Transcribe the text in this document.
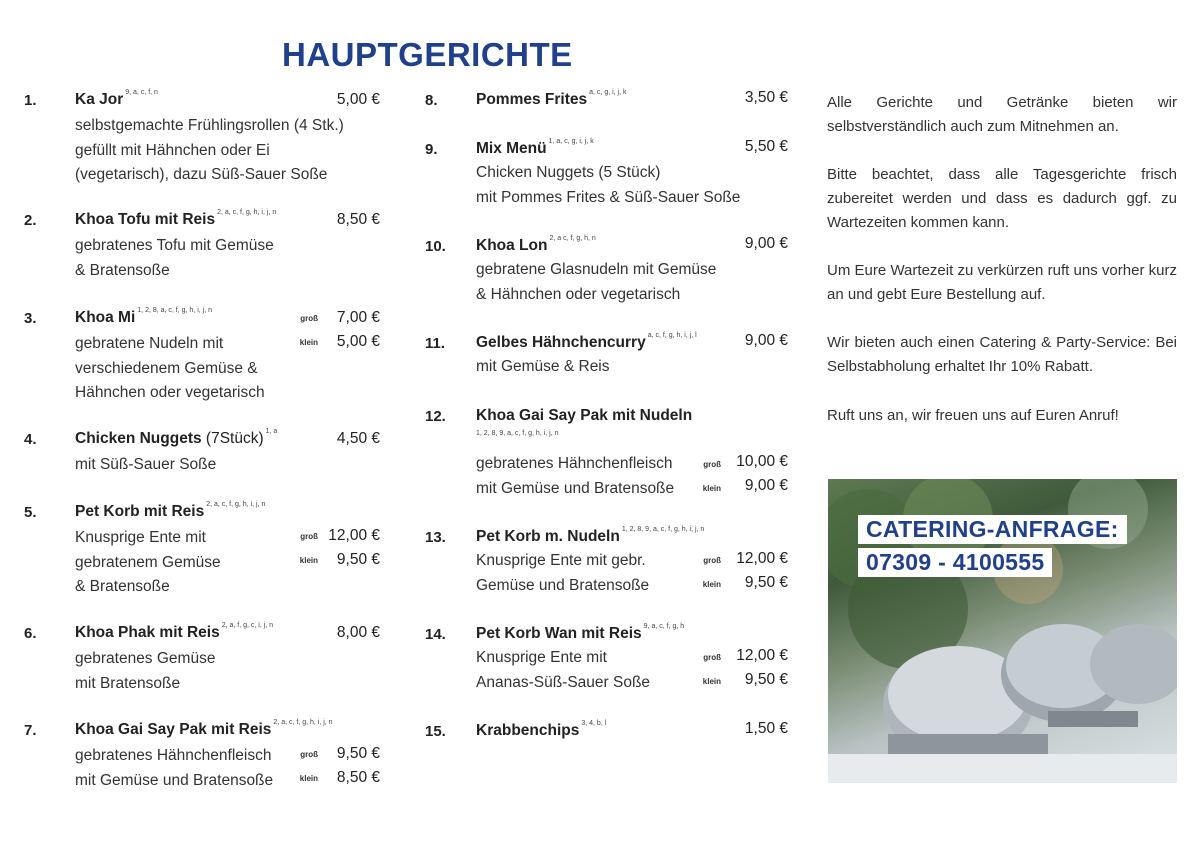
HAUPTGERICHTE
1. Ka Jor $^{9, a, c, f, n}$	5,00 €
selbstgemachte Frühlingsrollen (4 Stk.)
gefüllt mit Hähnchen oder Ei
(vegetarisch), dazu Süß-Sauer Soße
2. Khoa Tofu mit Reis $^{2, a, c, f, g, h, i, j, n}$	8,50 €
gebratenes Tofu mit Gemüse
& Bratensoße
3. Khoa Mi $^{1, 2, 8, a, c, f, g, h, i, j, n}$
groß	7,00 €
klein	5,00 €
gebratene Nudeln mit
verschiedenem Gemüse &
Hähnchen oder vegetarisch
4. Chicken Nuggets (7Stück) $^{1, a}$	4,50 €
mit Süß-Sauer Soße
5. Pet Korb mit Reis $^{2, a, c, f, g, h, i, j, n}$
groß 12,00 €
klein	9,50 €
Knusprige Ente mit
gebratenem Gemüse
& Bratensoße
6. Khoa Phak mit Reis $^{2, a, f, g, c, i, j, n}$	8,00 €
gebratenes Gemüse
mit Bratensoße
7. Khoa Gai Say Pak mit Reis $^{2, a, c, f, g, h, i, j, n}$
groß	9,50 €
klein	8,50 €
gebratenes Hähnchenfleisch
mit Gemüse und Bratensoße
8. Pommes Frites $^{a, c, g, i, j, k}$	3,50 €
9. Mix Menü $^{1, a, c, g, i, j, k}$	5,50 €
Chicken Nuggets (5 Stück)
mit Pommes Frites & Süß-Sauer Soße
10. Khoa Lon $^{2, a c, f, g, h, n}$	9,00 €
gebratene Glasnudeln mit Gemüse
& Hähnchen oder vegetarisch
11. Gelbes Hähnchencurry $^{a, c, f, g, h, i, j, l}$	9,00 €
mit Gemüse & Reis
12. Khoa Gai Say Pak mit Nudeln
1, 2, 8, 9, a, c, f, g, h, i, j, n
groß 10,00 €
klein	9,00 €
gebratenes Hähnchenfleisch
mit Gemüse und Bratensoße
13. Pet Korb m. Nudeln $^{1, 2, 8, 9, a, c, f, g, h, i, j, n}$
groß 12,00 €
klein	9,50 €
Knusprige Ente mit gebr.
Gemüse und Bratensoße
14. Pet Korb Wan mit Reis $^{9, a, c, f, g, h}$
groß 12,00 €
klein	9,50 €
Knusprige Ente mit
Ananas-Süß-Sauer Soße
15. Krabbenchips $^{3, 4, b, l}$	1,50 €
Alle Gerichte und Getränke bieten wir selbstverständlich auch zum Mitnehmen an.
Bitte beachtet, dass alle Tagesgerichte frisch zubereitet werden und dass es dadurch ggf. zu Wartezeiten kommen kann.
Um Eure Wartezeit zu verkürzen ruft uns vorher kurz an und gebt Eure Bestellung auf.
Wir bieten auch einen Catering & Party-Service: Bei Selbstabholung erhaltet Ihr 10% Rabatt.
Ruft uns an, wir freuen uns auf Euren Anruf!
CATERING-ANFRAGE:
07309 - 4100555
